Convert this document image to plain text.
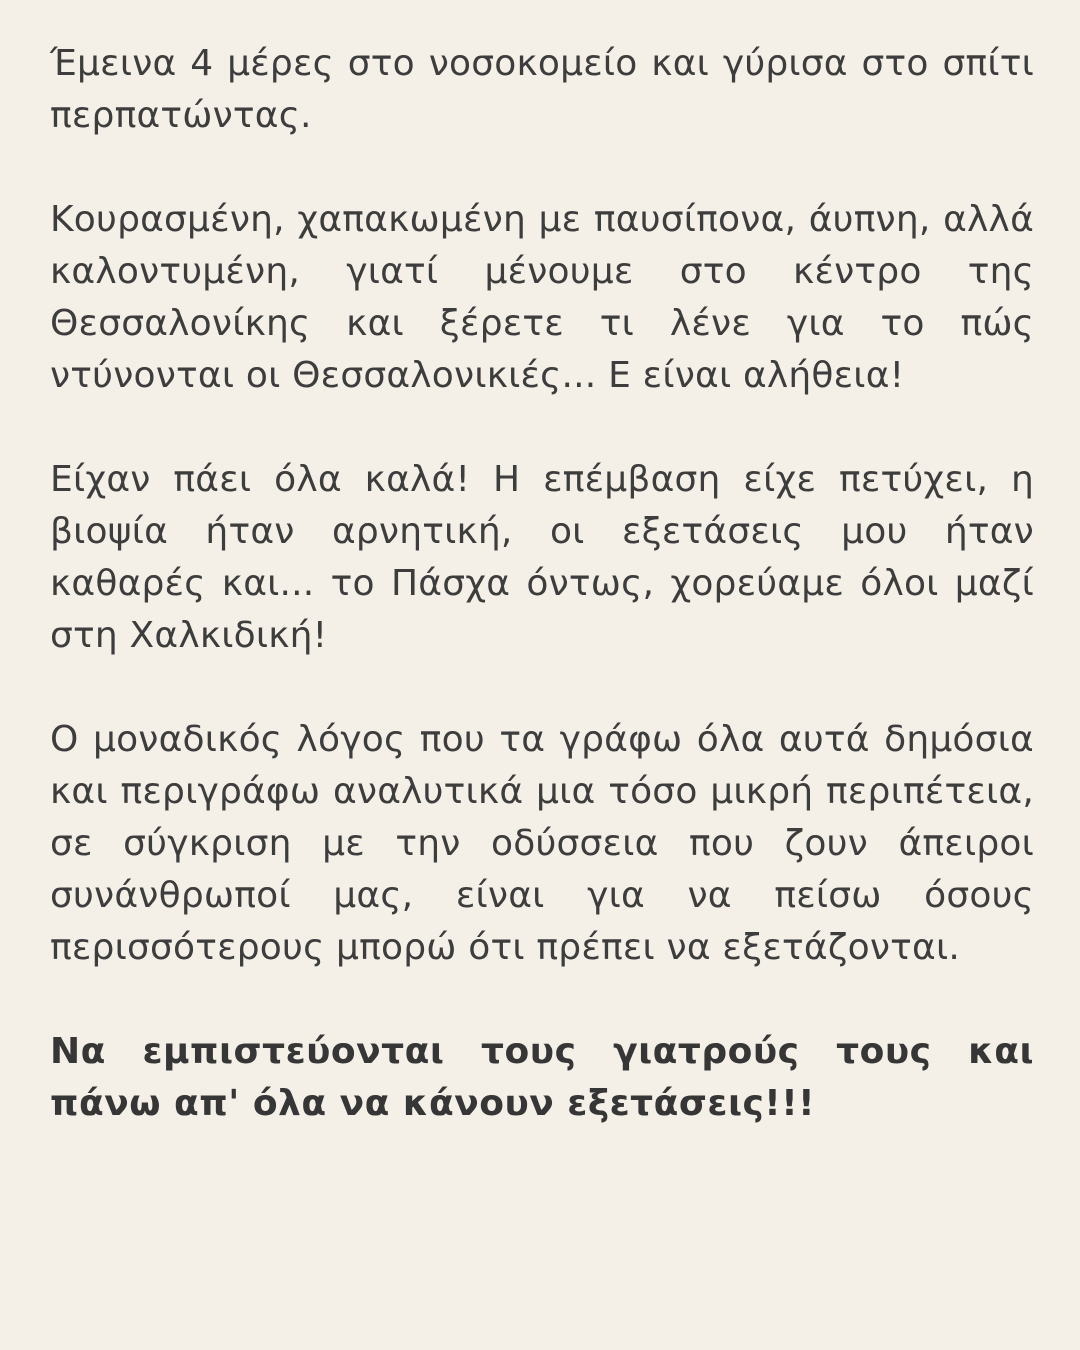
Έμεινα 4 μέρες στο νοσοκομείο και γύρισα στο σπίτι περπατώντας.

Κουρασμένη, χαπακωμένη με παυσίπονα, άυπνη, αλλά καλοντυμένη, γιατί μένουμε στο κέντρο της Θεσσαλονίκης και ξέρετε τι λένε για το πώς ντύνονται οι Θεσσαλονικιές... Ε είναι αλήθεια!

Είχαν πάει όλα καλά! Η επέμβαση είχε πετύχει, η βιοψία ήταν αρνητική, οι εξετάσεις μου ήταν καθαρές και... το Πάσχα όντως, χορεύαμε όλοι μαζί στη Χαλκιδική!

Ο μοναδικός λόγος που τα γράφω όλα αυτά δημόσια και περιγράφω αναλυτικά μια τόσο μικρή περιπέτεια, σε σύγκριση με την οδύσσεια που ζουν άπειροι συνάνθρωποί μας, είναι για να πείσω όσους περισσότερους μπορώ ότι πρέπει να εξετάζονται.

Να εμπιστεύονται τους γιατρούς τους και πάνω απ' όλα να κάνουν εξετάσεις!!!
